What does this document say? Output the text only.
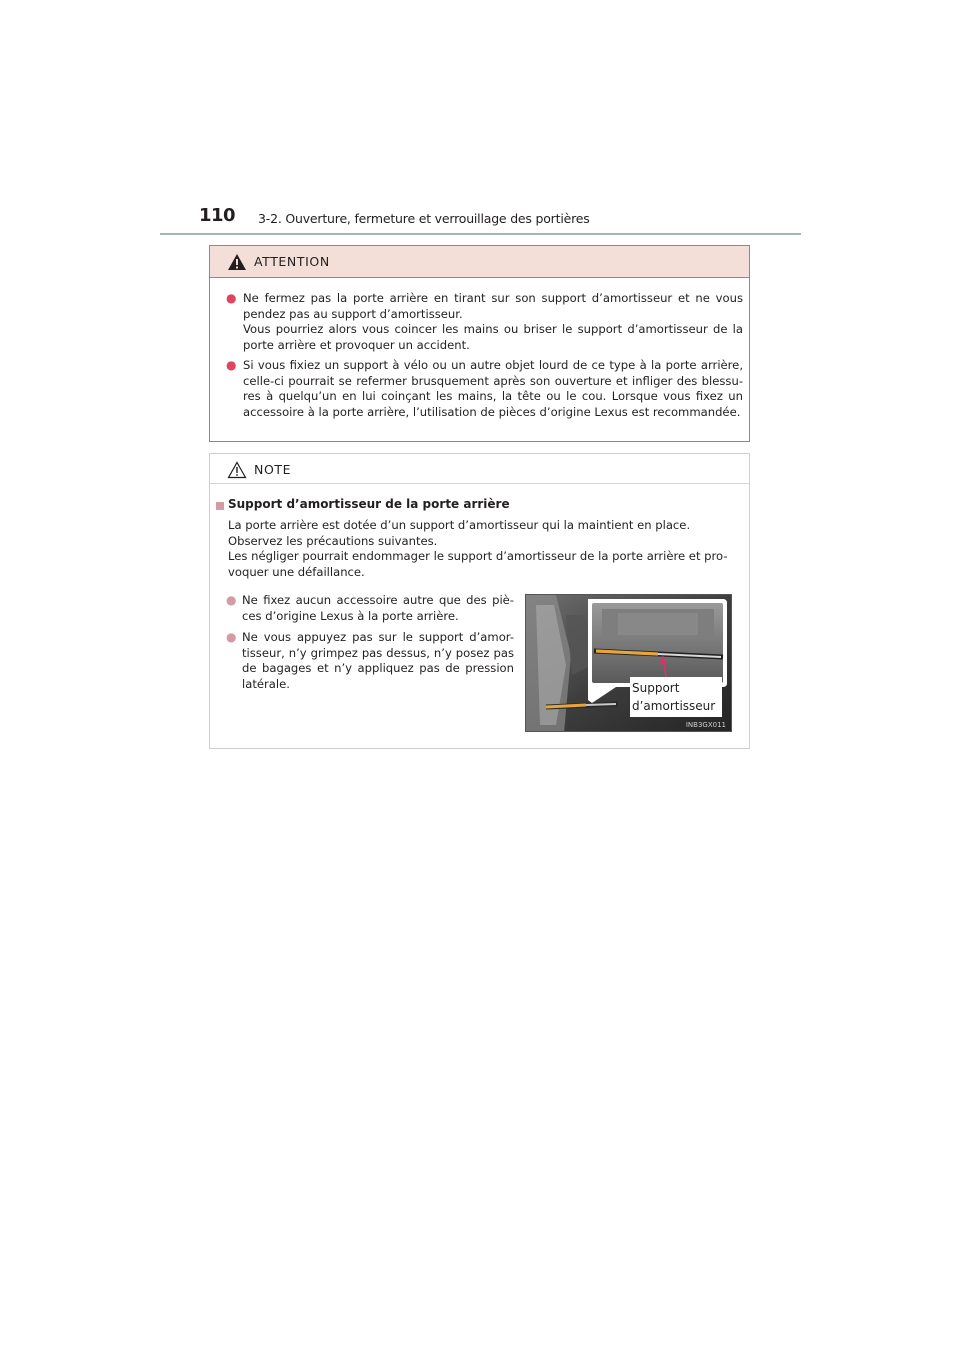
110 3-2. Ouverture, fermeture et verrouillage des portières
ATTENTION
● Ne fermez pas la porte arrière en tirant sur son support d’amortisseur et ne vous
pendez pas au support d’amortisseur.
Vous pourriez alors vous coincer les mains ou briser le support d’amortisseur de la
porte arrière et provoquer un accident.
● Si vous fixiez un support à vélo ou un autre objet lourd de ce type à la porte arrière,
celle-ci pourrait se refermer brusquement après son ouverture et infliger des blessu-
res à quelqu’un en lui coinçant les mains, la tête ou le cou. Lorsque vous fixez un
accessoire à la porte arrière, l’utilisation de pièces d’origine Lexus est recommandée.
NOTE
Support d’amortisseur de la porte arrière
La porte arrière est dotée d’un support d’amortisseur qui la maintient en place.
Observez les précautions suivantes.
Les négliger pourrait endommager le support d’amortisseur de la porte arrière et pro-
voquer une défaillance.
● Ne fixez aucun accessoire autre que des piè-
ces d’origine Lexus à la porte arrière.
● Ne vous appuyez pas sur le support d’amor-
tisseur, n’y grimpez pas dessus, n’y posez pas
de bagages et n’y appliquez pas de pression
latérale.	Support
d’amortisseur
INB3GX011
